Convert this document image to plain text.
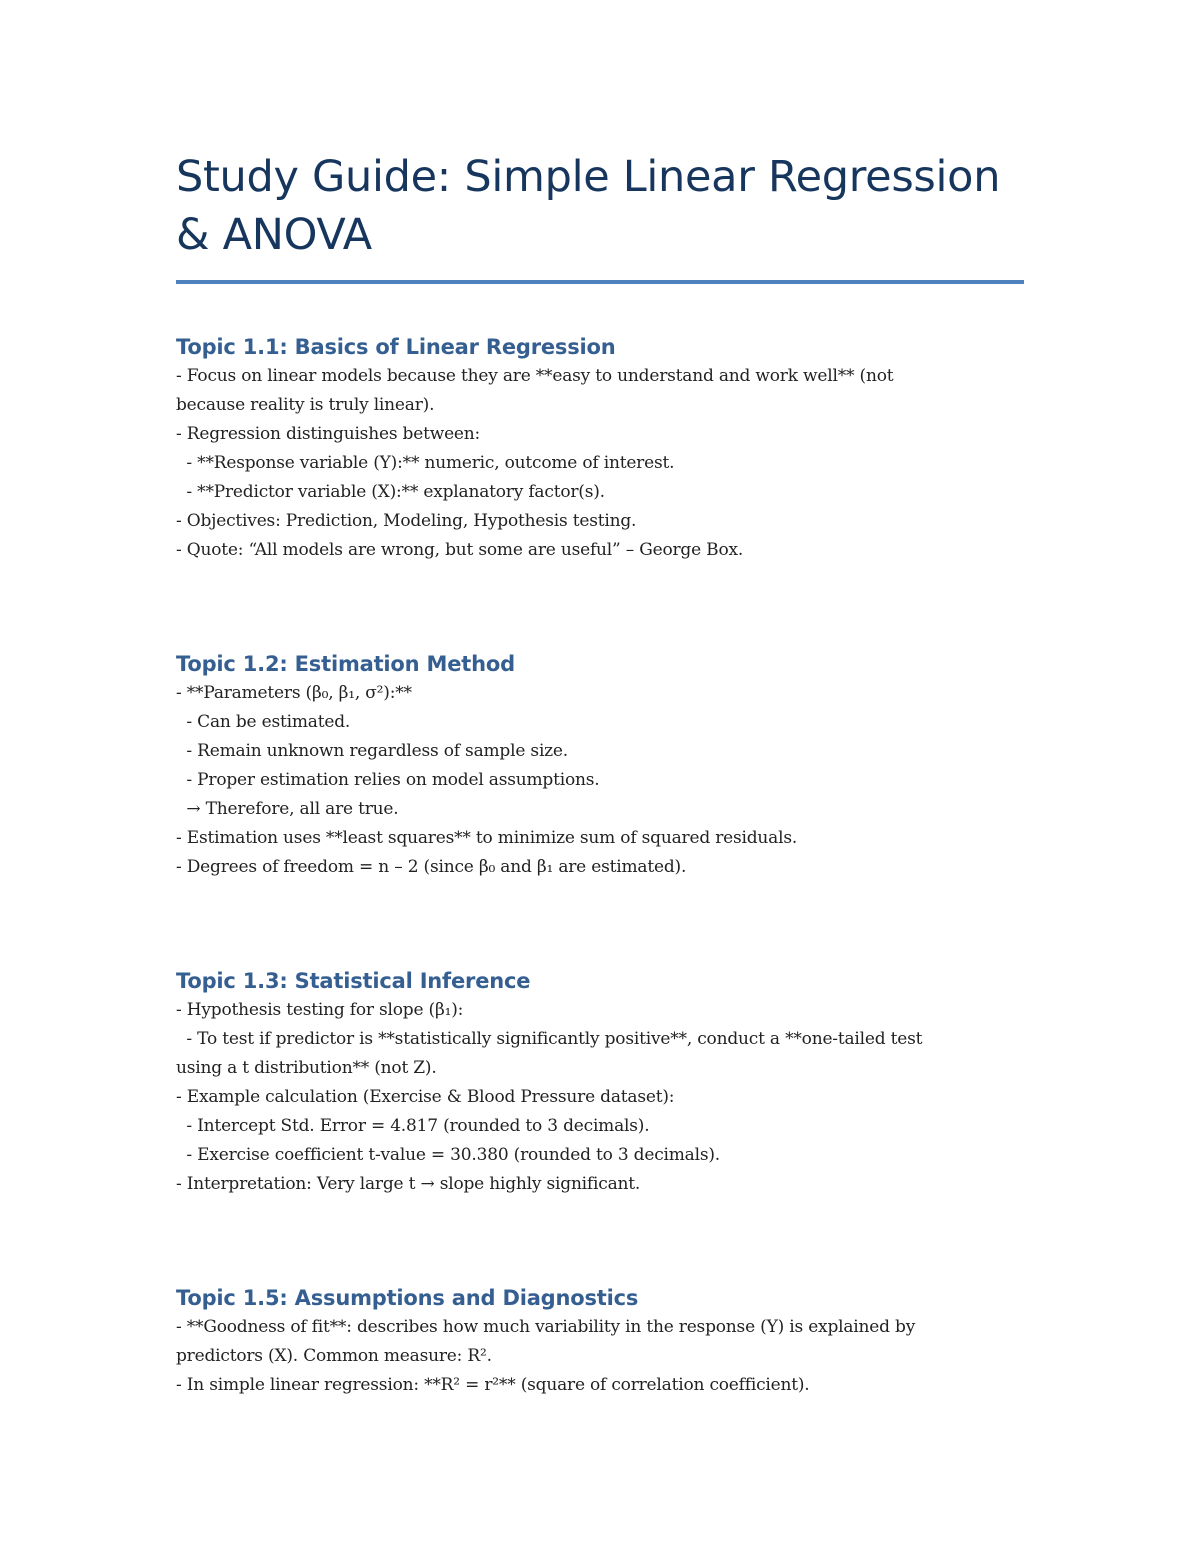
Study Guide: Simple Linear Regression
& ANOVA
Topic 1.1: Basics of Linear Regression
- Focus on linear models because they are **easy to understand and work well** (not
because reality is truly linear).
- Regression distinguishes between:
- **Response variable (Y):** numeric, outcome of interest.
- **Predictor variable (X):** explanatory factor(s).
- Objectives: Prediction, Modeling, Hypothesis testing.
- Quote: “All models are wrong, but some are useful” – George Box.
Topic 1.2: Estimation Method
- **Parameters (β₀, β₁, σ²):**
- Can be estimated.
- Remain unknown regardless of sample size.
- Proper estimation relies on model assumptions.
→ Therefore, all are true.
- Estimation uses **least squares** to minimize sum of squared residuals.
- Degrees of freedom = n – 2 (since β₀ and β₁ are estimated).
Topic 1.3: Statistical Inference
- Hypothesis testing for slope (β₁):
- To test if predictor is **statistically significantly positive**, conduct a **one-tailed test
using a t distribution** (not Z).
- Example calculation (Exercise & Blood Pressure dataset):
- Intercept Std. Error = 4.817 (rounded to 3 decimals).
- Exercise coefficient t-value = 30.380 (rounded to 3 decimals).
- Interpretation: Very large t → slope highly significant.
Topic 1.5: Assumptions and Diagnostics
- **Goodness of fit**: describes how much variability in the response (Y) is explained by
predictors (X). Common measure: R².
- In simple linear regression: **R² = r²** (square of correlation coefficient).
